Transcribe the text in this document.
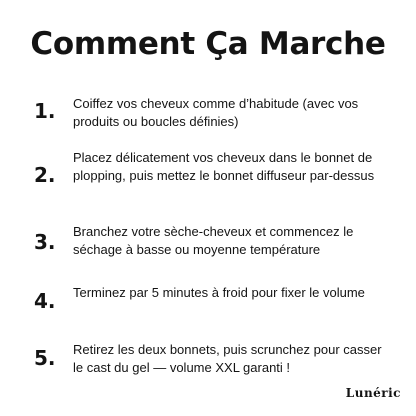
Comment Ça Marche
1. Coiffez vos cheveux comme d’habitude (avec vos produits ou boucles définies)
2.
Placez délicatement vos cheveux dans le bonnet de plopping, puis mettez le bonnet diffuseur par-dessus
3. Branchez votre sèche-cheveux et commencez le séchage à basse ou moyenne température
4. Terminez par 5 minutes à froid pour fixer le volume
5. Retirez les deux bonnets, puis scrunchez pour casser le cast du gel — volume XXL garanti !
Lunéric
